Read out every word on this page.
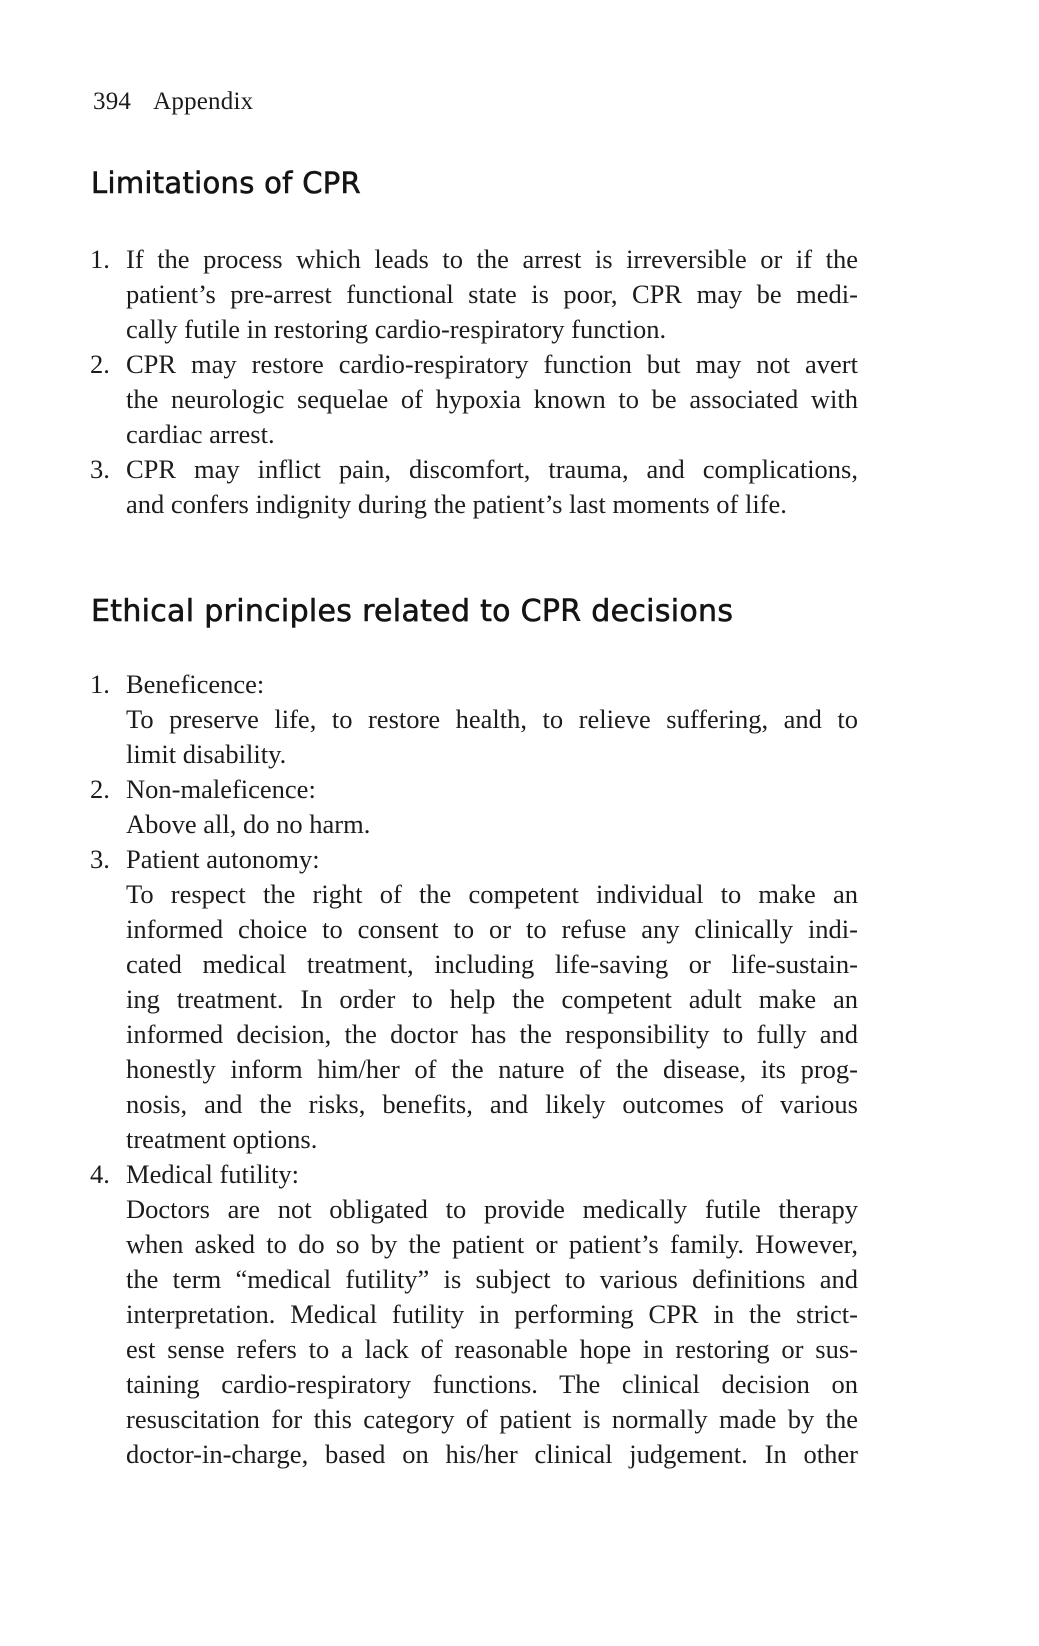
394 Appendix
Limitations of CPR
1. If the process which leads to the arrest is irreversible or if the
patient’s pre-arrest functional state is poor, CPR may be medi-
cally futile in restoring cardio-respiratory function.
2. CPR may restore cardio-respiratory function but may not avert
the neurologic sequelae of hypoxia known to be associated with
cardiac arrest.
3. CPR may inflict pain, discomfort, trauma, and complications,
and confers indignity during the patient’s last moments of life.
Ethical principles related to CPR decisions
1. Beneficence:
To preserve life, to restore health, to relieve suffering, and to
limit disability.
2. Non-maleficence:
Above all, do no harm.
3. Patient autonomy:
To respect the right of the competent individual to make an
informed choice to consent to or to refuse any clinically indi-
cated medical treatment, including life-saving or life-sustain-
ing treatment. In order to help the competent adult make an
informed decision, the doctor has the responsibility to fully and
honestly inform him/her of the nature of the disease, its prog-
nosis, and the risks, benefits, and likely outcomes of various
treatment options.
4. Medical futility:
Doctors are not obligated to provide medically futile therapy
when asked to do so by the patient or patient’s family. However,
the term “medical futility” is subject to various definitions and
interpretation. Medical futility in performing CPR in the strict-
est sense refers to a lack of reasonable hope in restoring or sus-
taining cardio-respiratory functions. The clinical decision on
resuscitation for this category of patient is normally made by the
doctor-in-charge, based on his/her clinical judgement. In other
